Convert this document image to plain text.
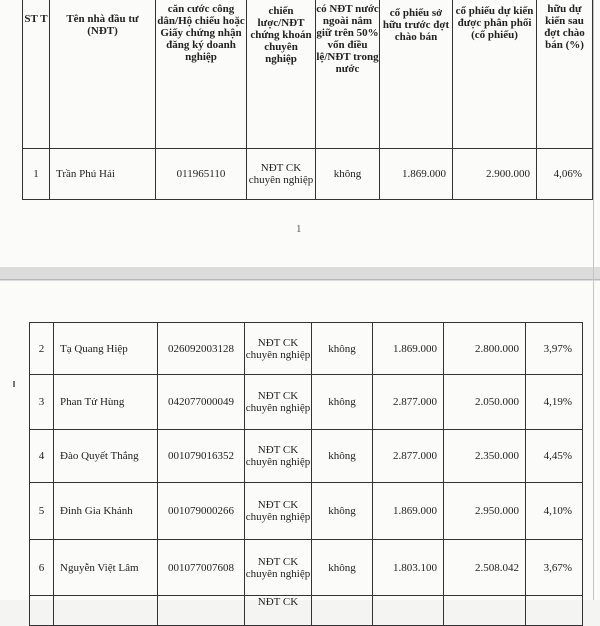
ST T	Tên nhà đầu tư (NĐT)	căn cước công dân/Hộ chiếu hoặc Giấy chứng nhận đăng ký doanh nghiệp	chiến lược/NĐT chứng khoán chuyên nghiệp	có NĐT nước ngoài nắm giữ trên 50% vốn điều lệ/NĐT trong nước	cổ phiếu sở hữu trước đợt chào bán	cổ phiếu dự kiến được phân phối (cổ phiếu)	hữu dự kiến sau đợt chào bán (%)
1	Trần Phú Hải	011965110	NĐT CK chuyên nghiệp	không	1.869.000	2.900.000	4,06%
1
2	Tạ Quang Hiệp	026092003128	NĐT CK chuyên nghiệp	không	1.869.000	2.800.000	3,97%
3	Phan Tử Hùng	042077000049	NĐT CK chuyên nghiệp	không	2.877.000	2.050.000	4,19%
4	Đào Quyết Thắng	001079016352	NĐT CK chuyên nghiệp	không	2.877.000	2.350.000	4,45%
5	Đinh Gia Khánh	001079000266	NĐT CK chuyên nghiệp	không	1.869.000	2.950.000	4,10%
6	Nguyễn Việt Lâm	001077007608	NĐT CK chuyên nghiệp	không	1.803.100	2.508.042	3,67%
			NĐT CK				
